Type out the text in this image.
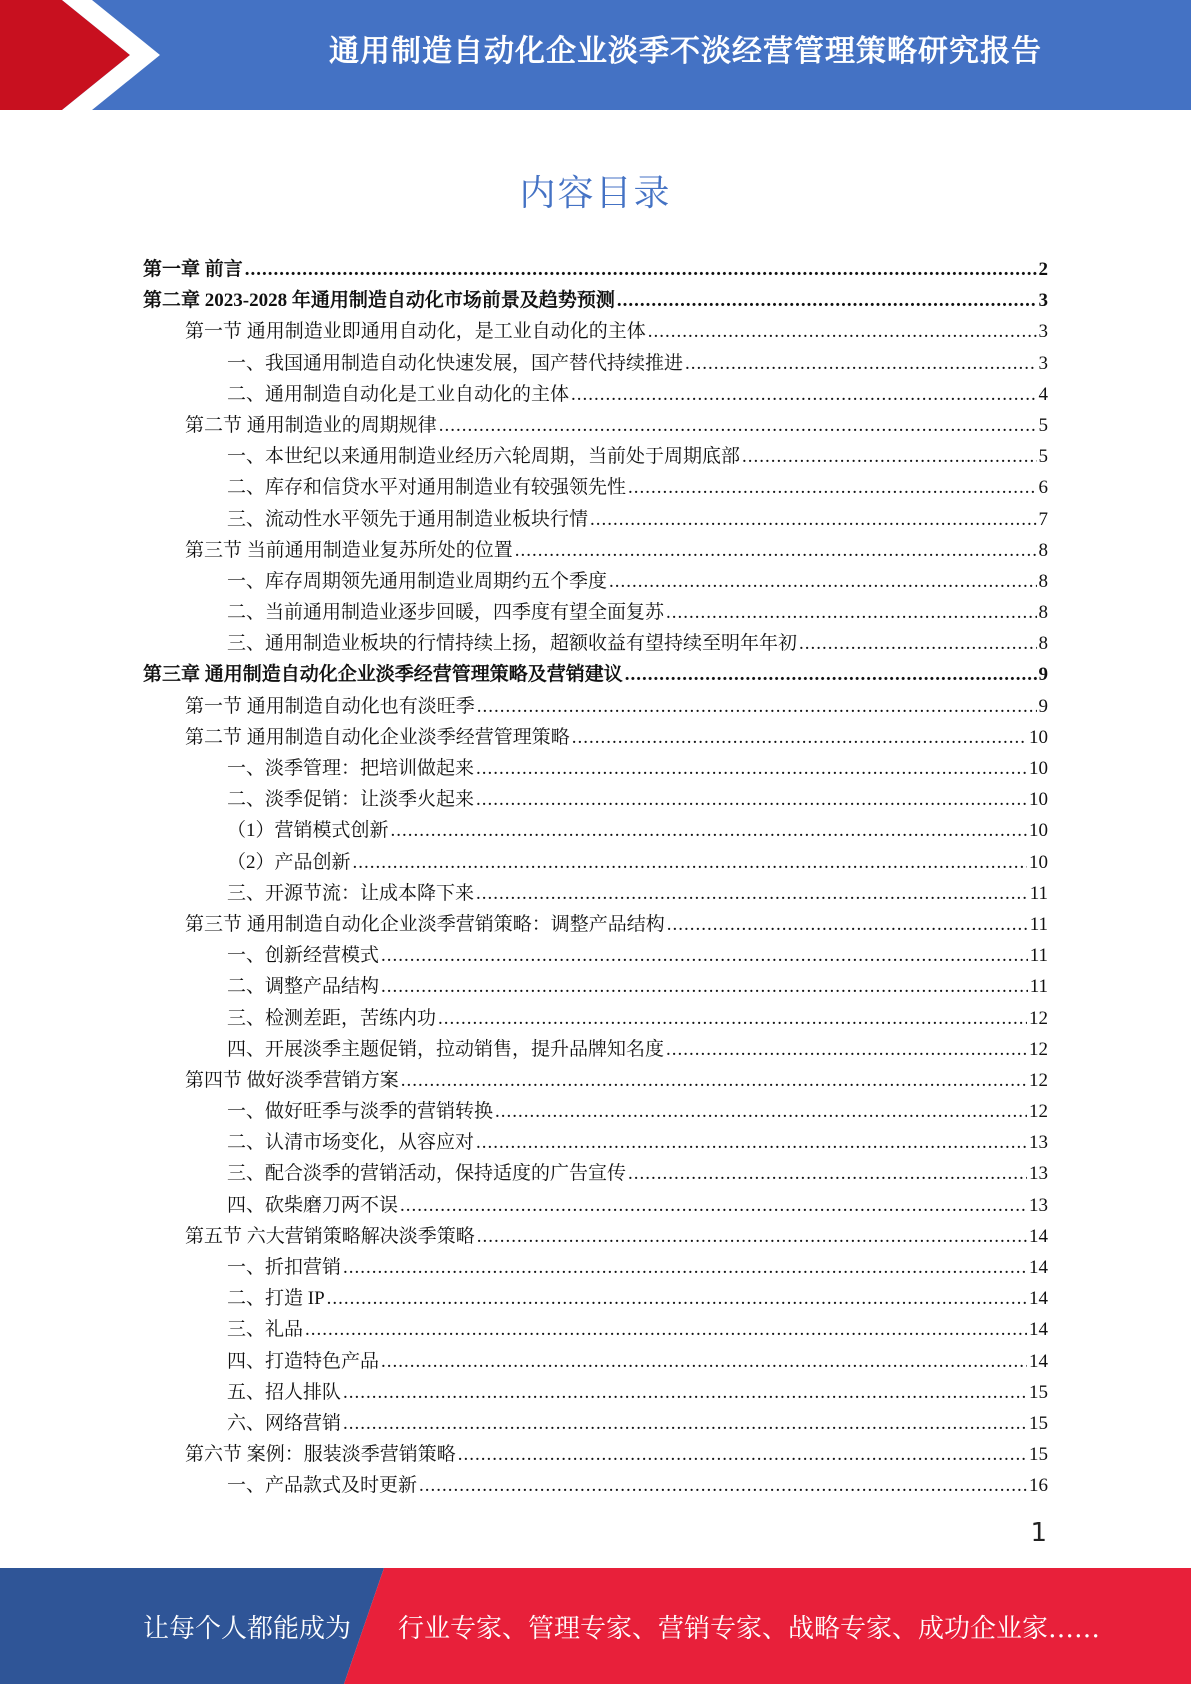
通用制造自动化企业淡季不淡经营管理策略研究报告
内容目录
第一章 前言 .....	2
第二章 2023-2028 年通用制造自动化市场前景及趋势预测 .....	3
第一节 通用制造业即通用自动化，是工业自动化的主体 .....	3
一、我国通用制造自动化快速发展，国产替代持续推进 .....	3
二、通用制造自动化是工业自动化的主体 .....	4
第二节 通用制造业的周期规律 .....	5
一、本世纪以来通用制造业经历六轮周期，当前处于周期底部 .....	5
二、库存和信贷水平对通用制造业有较强领先性 .....	6
三、流动性水平领先于通用制造业板块行情 .....	7
第三节 当前通用制造业复苏所处的位置 .....	8
一、库存周期领先通用制造业周期约五个季度 .....	8
二、当前通用制造业逐步回暖，四季度有望全面复苏 .....	8
三、通用制造业板块的行情持续上扬，超额收益有望持续至明年年初 .....	8
第三章 通用制造自动化企业淡季经营管理策略及营销建议 .....	9
第一节 通用制造自动化也有淡旺季 .....	9
第二节 通用制造自动化企业淡季经营管理策略 .....	10
一、淡季管理：把培训做起来 .....	10
二、淡季促销：让淡季火起来 .....	10
（1）营销模式创新 .....	10
（2）产品创新 .....	10
三、开源节流：让成本降下来 .....	11
第三节 通用制造自动化企业淡季营销策略：调整产品结构 .....	11
一、创新经营模式 .....	11
二、调整产品结构 .....	11
三、检测差距，苦练内功 .....	12
四、开展淡季主题促销，拉动销售，提升品牌知名度 .....	12
第四节 做好淡季营销方案 .....	12
一、做好旺季与淡季的营销转换 .....	12
二、认清市场变化，从容应对 .....	13
三、配合淡季的营销活动，保持适度的广告宣传 .....	13
四、砍柴磨刀两不误 .....	13
第五节 六大营销策略解决淡季策略 .....	14
一、折扣营销 .....	14
二、打造 IP .....	14
三、礼品 .....	14
四、打造特色产品 .....	14
五、招人排队 .....	15
六、网络营销 .....	15
第六节 案例：服装淡季营销策略 .....	15
一、产品款式及时更新 .....	16
1
让每个人都能成为 行业专家、管理专家、营销专家、战略专家、成功企业家……
